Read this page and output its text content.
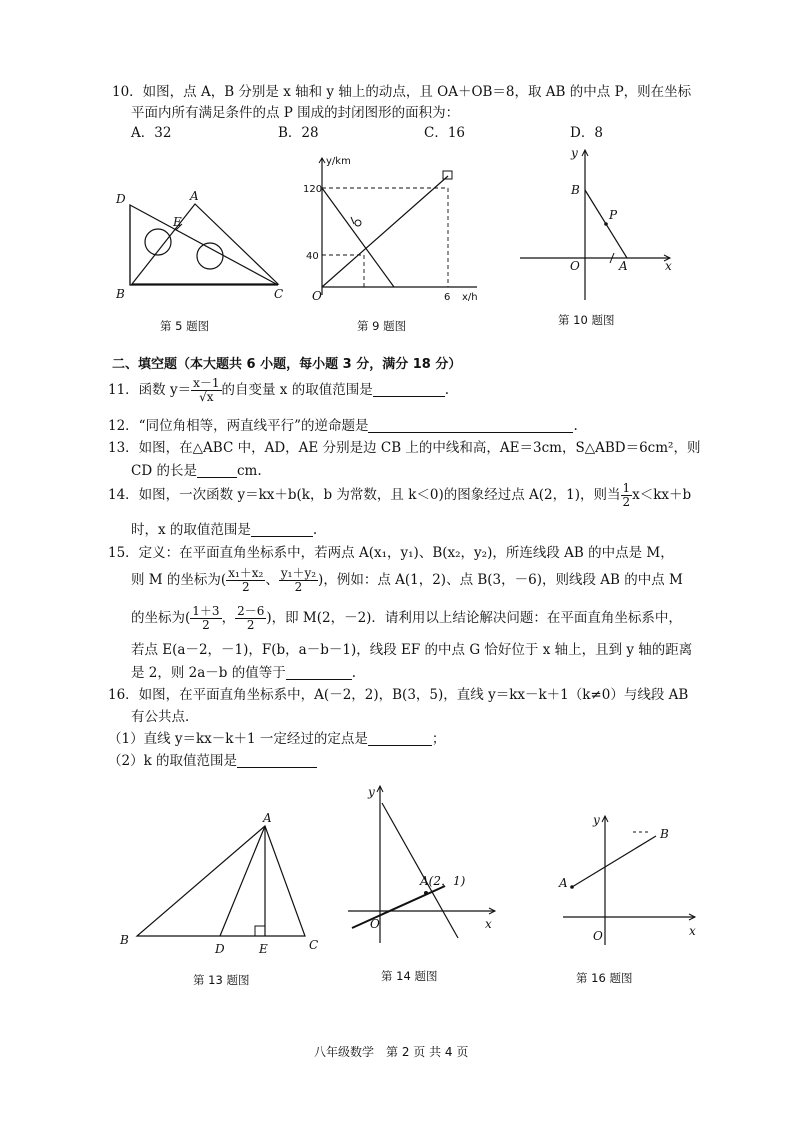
10．如图，点 A，B 分别是 x 轴和 y 轴上的动点，且 OA＋OB＝8，取 AB 的中点 P，则在坐标
平面内所有满足条件的点 P 围成的封闭图形的面积为：
A．32	B．28	C．16	D．8
D	A
E
B	C
第 5 题图
y/km
120
40
O	6 x/h
第 9 题图
y
B
P
O	A	x
第 10 题图
二、填空题（本大题共 6 小题，每小题 3 分，满分 18 分）
11．函数 $y= \frac{x-1}{√x}$ 的自变量 x 的取值范围是	.
12．“同位角相等，两直线平行”的逆命题是	.
13．如图，在△ABC 中，AD，AE 分别是边 CB 上的中线和高，AE＝3cm，S△ABD＝6cm²，则
CD 的长是	cm.
14．如图，一次函数 y＝kx＋b(k，b 为常数，且 k＜0)的图象经过点 A(2，1)，则当 $\frac{1}{2} x<kx+b$
时，x 的取值范围是	.
15．定义：在平面直角坐标系中，若两点 A(x₁，y₁)、B(x₂，y₂)，所连线段 AB 的中点是 M，
则 M 的坐标为( $\frac{\text{x₁＋x₂}}{2}$ 、 $\frac{\text{y₁＋y₂}}{2}$ )，例如：点 A(1，2)、点 B(3，－6)，则线段 AB 的中点 M
的坐标为( $\frac{1+3}{2}$ ， $\frac{2-6}{2}$ )，即 M(2，－2)．请利用以上结论解决问题：在平面直角坐标系中，
若点 E(a－2，－1)，F(b，a－b－1)，线段 EF 的中点 G 恰好位于 x 轴上，且到 y 轴的距离
是 2，则 2a－b 的值等于	.
16．如图，在平面直角坐标系中，A(－2，2)，B(3，5)，直线 y＝kx－k＋1（k≠0）与线段 AB
有公共点．
（1）直线 y＝kx－k＋1 一定经过的定点是	；
（2）k 的取值范围是
A
B
D	E	C
第 13 题图
y
A(2，1)
O	x
第 14 题图
y
B
A
O	x
第 16 题图
八年级数学　第 2 页 共 4 页
